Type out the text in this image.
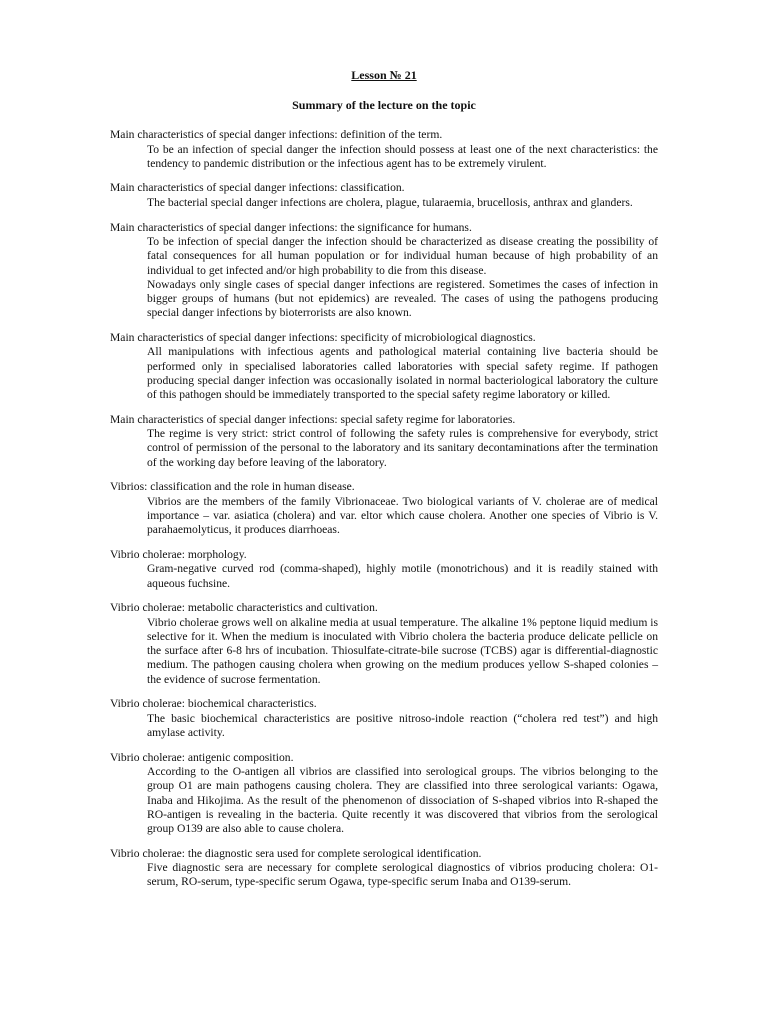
Lesson № 21
Summary of the lecture on the topic

Main characteristics of special danger infections: definition of the term.

To be an infection of special danger the infection should possess at least one of the next characteristics: the tendency to pandemic distribution or the infectious agent has to be extremely virulent.

Main characteristics of special danger infections: classification.

The bacterial special danger infections are cholera, plague, tularaemia, brucellosis, anthrax and glanders.

Main characteristics of special danger infections: the significance for humans.

To be infection of special danger the infection should be characterized as disease creating the possibility of fatal consequences for all human population or for individual human because of high probability of an individual to get infected and/or high probability to die from this disease.

Nowadays only single cases of special danger infections are registered. Sometimes the cases of infection in bigger groups of humans (but not epidemics) are revealed. The cases of using the pathogens producing special danger infections by bioterrorists are also known.

Main characteristics of special danger infections: specificity of microbiological diagnostics.

All manipulations with infectious agents and pathological material containing live bacteria should be performed only in specialised laboratories called laboratories with special safety regime. If pathogen producing special danger infection was occasionally isolated in normal bacteriological laboratory the culture of this pathogen should be immediately transported to the special safety regime laboratory or killed.

Main characteristics of special danger infections: special safety regime for laboratories.

The regime is very strict: strict control of following the safety rules is comprehensive for everybody, strict control of permission of the personal to the laboratory and its sanitary decontaminations after the termination of the working day before leaving of the laboratory.

Vibrios: classification and the role in human disease.

Vibrios are the members of the family Vibrionaceae. Two biological variants of V. cholerae are of medical importance – var. asiatica (cholera) and var. eltor which cause cholera. Another one species of Vibrio is V. parahaemolyticus, it produces diarrhoeas.

Vibrio cholerae: morphology.

Gram-negative curved rod (comma-shaped), highly motile (monotrichous) and it is readily stained with aqueous fuchsine.

Vibrio cholerae: metabolic characteristics and cultivation.

Vibrio cholerae grows well on alkaline media at usual temperature. The alkaline 1% peptone liquid medium is selective for it. When the medium is inoculated with Vibrio cholera the bacteria produce delicate pellicle on the surface after 6-8 hrs of incubation. Thiosulfate-citrate-bile sucrose (TCBS) agar is differential-diagnostic medium. The pathogen causing cholera when growing on the medium produces yellow S-shaped colonies – the evidence of sucrose fermentation.

Vibrio cholerae: biochemical characteristics.

The basic biochemical characteristics are positive nitroso-indole reaction (“cholera red test”) and high amylase activity.

Vibrio cholerae: antigenic composition.

According to the O-antigen all vibrios are classified into serological groups. The vibrios belonging to the group O1 are main pathogens causing cholera. They are classified into three serological variants: Ogawa, Inaba and Hikojima. As the result of the phenomenon of dissociation of S-shaped vibrios into R-shaped the RO-antigen is revealing in the bacteria. Quite recently it was discovered that vibrios from the serological group O139 are also able to cause cholera.

Vibrio cholerae: the diagnostic sera used for complete serological identification.

Five diagnostic sera are necessary for complete serological diagnostics of vibrios producing cholera: O1-serum, RO-serum, type-specific serum Ogawa, type-specific serum Inaba and O139-serum.
